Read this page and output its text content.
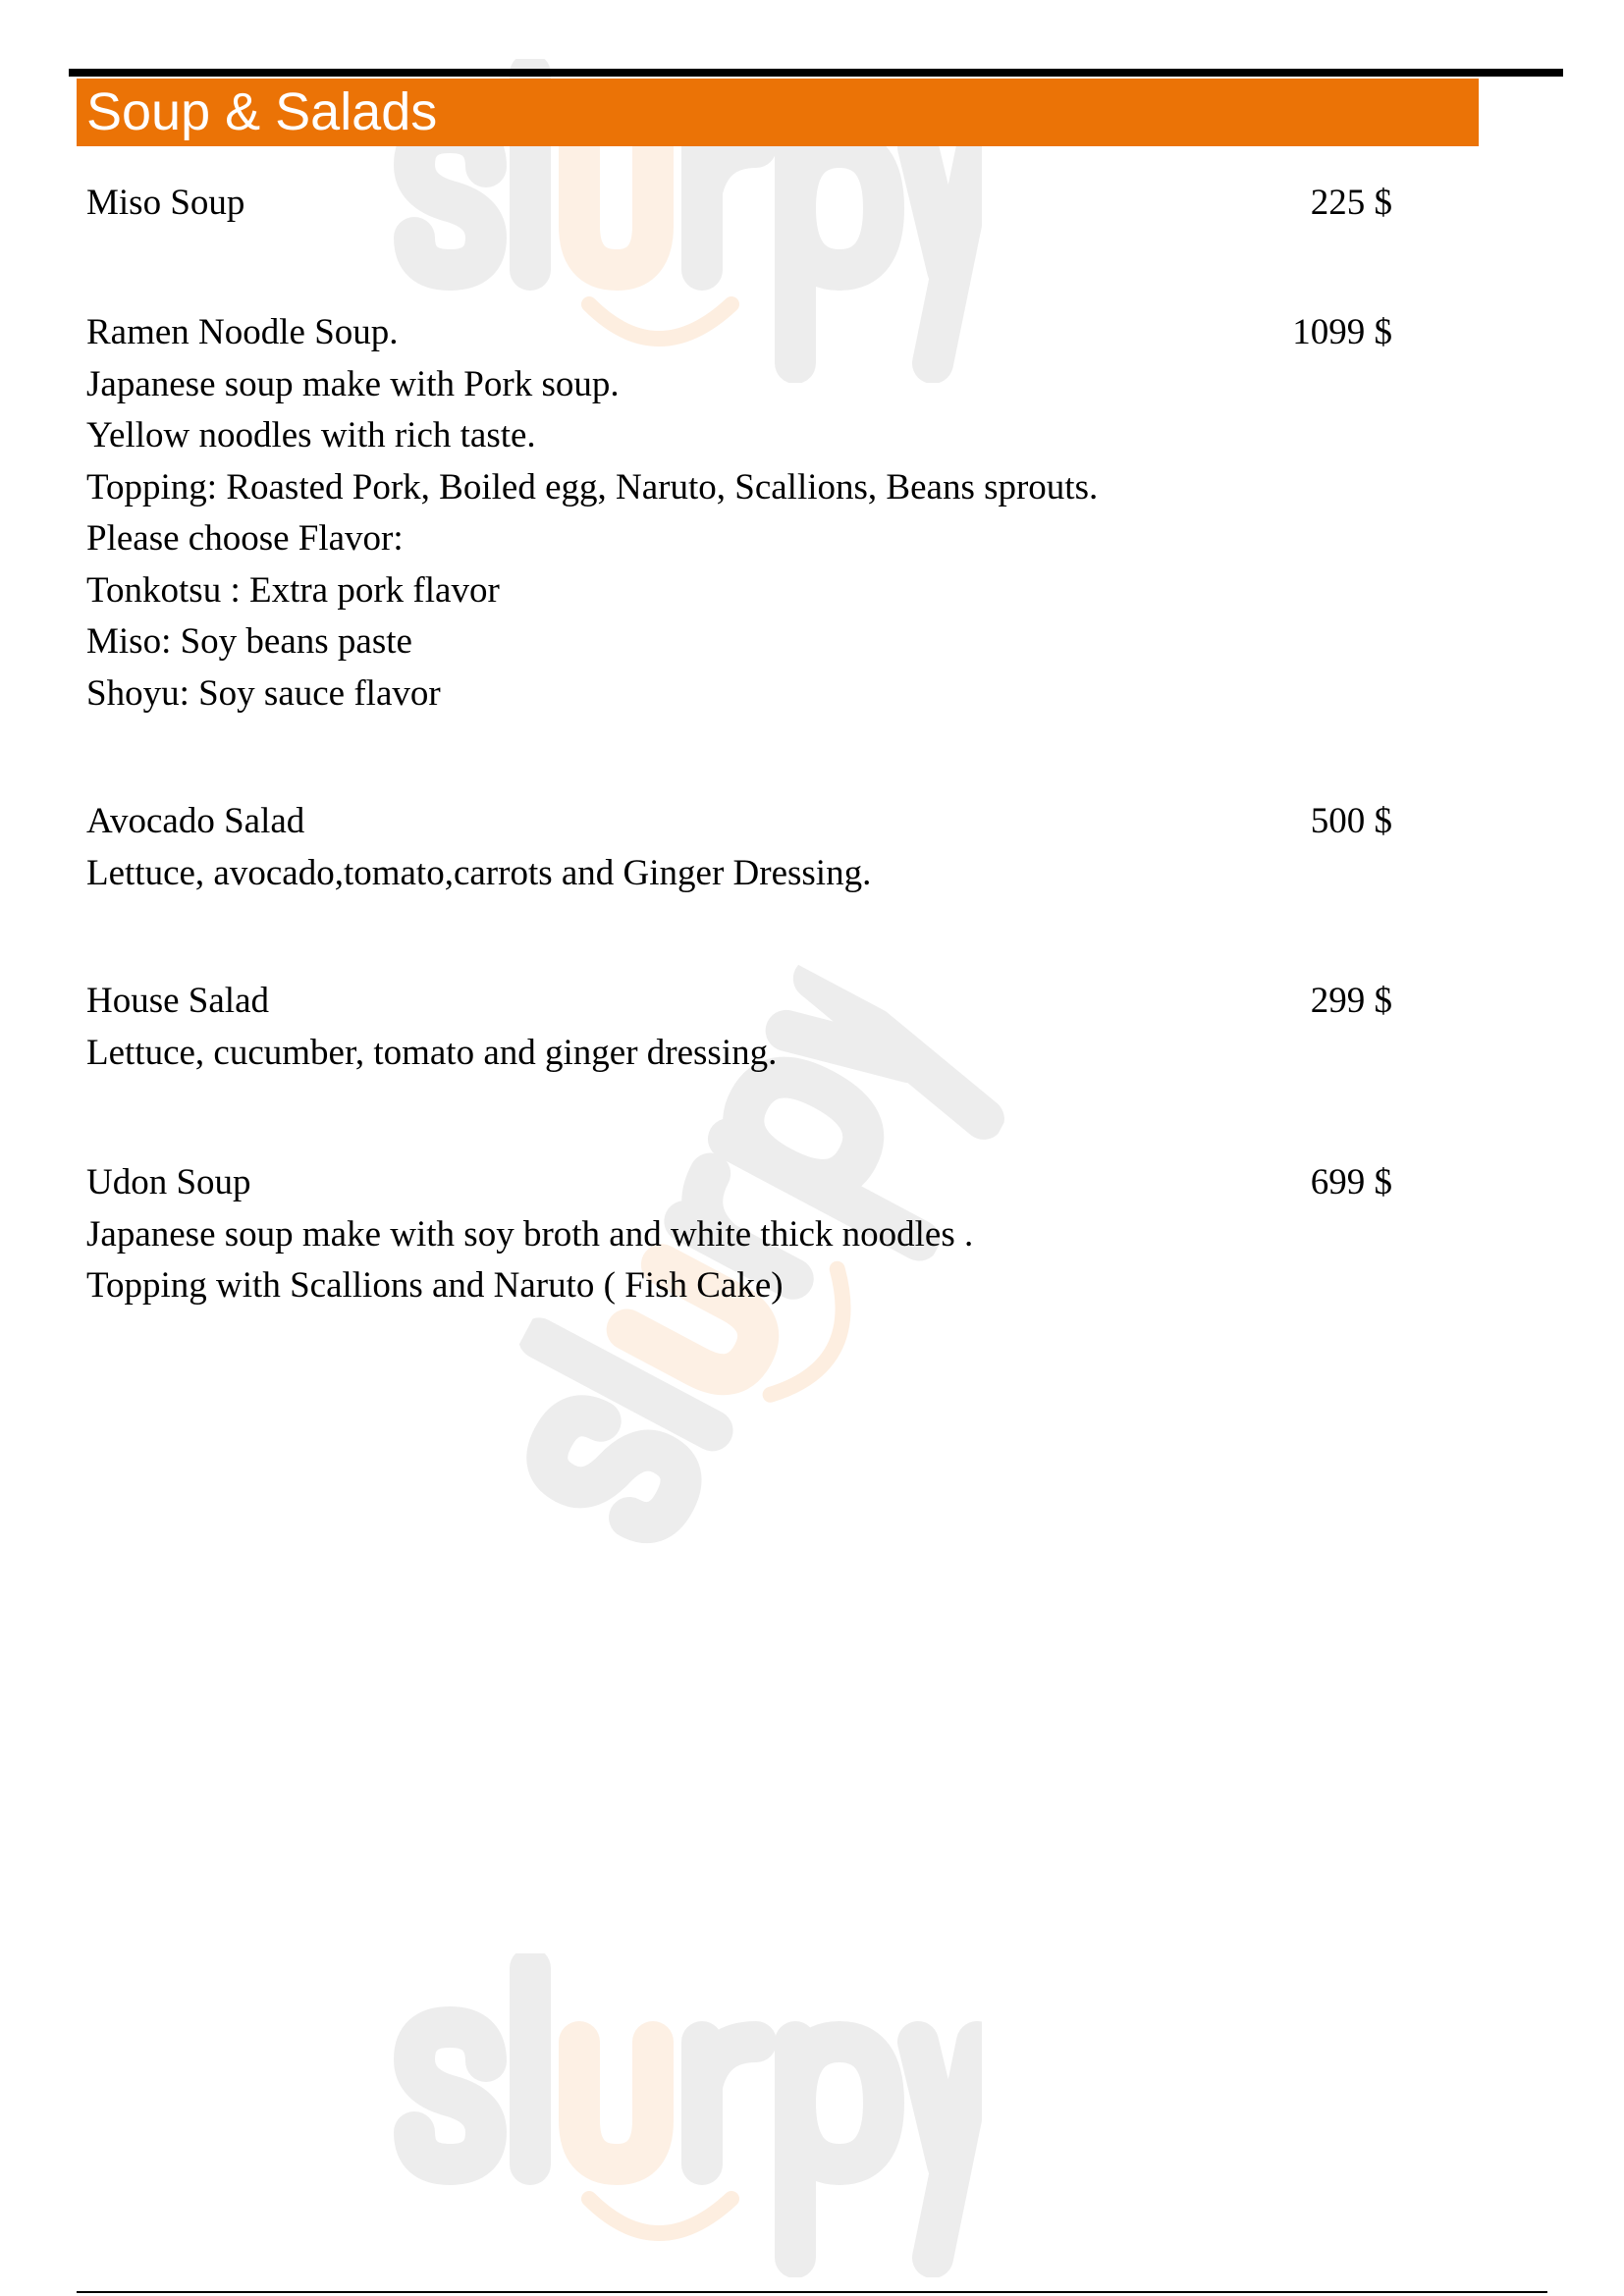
Soup & Salads
Miso Soup	225 $
Ramen Noodle Soup.	1099 $
Japanese soup make with Pork soup.
Yellow noodles with rich taste.
Topping: Roasted Pork, Boiled egg, Naruto, Scallions, Beans sprouts.
Please choose Flavor:
Tonkotsu : Extra pork flavor
Miso: Soy beans paste
Shoyu: Soy sauce flavor
Avocado Salad	500 $
Lettuce, avocado,tomato,carrots and Ginger Dressing.
House Salad	299 $
Lettuce, cucumber, tomato and ginger dressing.
Udon Soup	699 $
Japanese soup make with soy broth and white thick noodles .
Topping with Scallions and Naruto ( Fish Cake)
